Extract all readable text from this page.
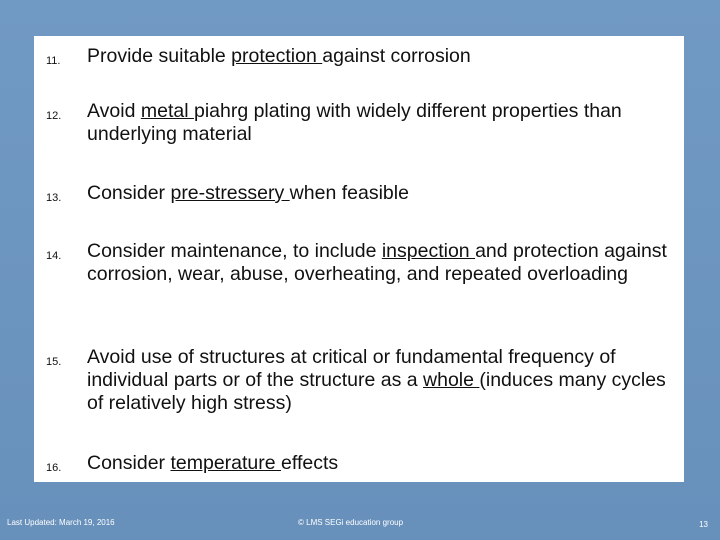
11. Provide suitable protection against corrosion
12. Avoid metal piahrg plating with widely different properties than underlying material
13. Consider pre-stressery when feasible
14. Consider maintenance, to include inspection and protection against corrosion, wear, abuse, overheating, and repeated overloading
15. Avoid use of structures at critical or fundamental frequency of individual parts or of the structure as a whole (induces many cycles of relatively high stress)
16. Consider temperature effects
Last Updated: March 19, 2016	© LMS SEGi education group	13
